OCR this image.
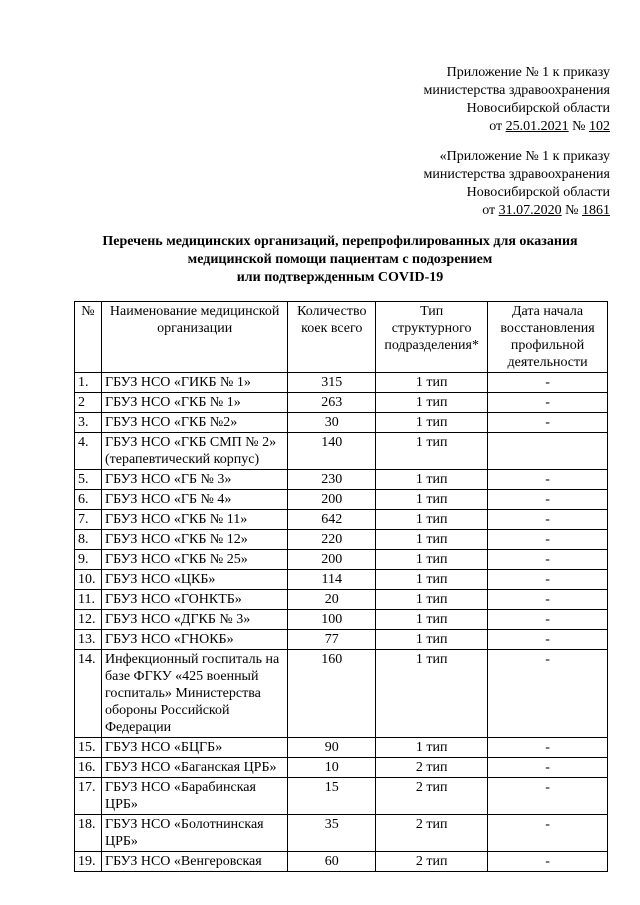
Приложение № 1 к приказу
министерства здравоохранения
Новосибирской области
от 25.01.2021 № 102
«Приложение № 1 к приказу
министерства здравоохранения
Новосибирской области
от 31.07.2020 № 1861
Перечень медицинских организаций, перепрофилированных для оказания
медицинской помощи пациентам с подозрением
или подтвержденным COVID-19
№	Наименование медицинской организации	Количество коек всего	Тип структурного подразделения*	Дата начала восстановления профильной деятельности
1.	ГБУЗ НСО «ГИКБ № 1»	315	1 тип	-
2	ГБУЗ НСО «ГКБ № 1»	263	1 тип	-
3.	ГБУЗ НСО «ГКБ №2»	30	1 тип	-
4.	ГБУЗ НСО «ГКБ СМП № 2» (терапевтический корпус)	140	1 тип	
5.	ГБУЗ НСО «ГБ № 3»	230	1 тип	-
6.	ГБУЗ НСО «ГБ № 4»	200	1 тип	-
7.	ГБУЗ НСО «ГКБ № 11»	642	1 тип	-
8.	ГБУЗ НСО «ГКБ № 12»	220	1 тип	-
9.	ГБУЗ НСО «ГКБ № 25»	200	1 тип	-
10.	ГБУЗ НСО «ЦКБ»	114	1 тип	-
11.	ГБУЗ НСО «ГОНКТБ»	20	1 тип	-
12.	ГБУЗ НСО «ДГКБ № 3»	100	1 тип	-
13.	ГБУЗ НСО «ГНОКБ»	77	1 тип	-
14.	Инфекционный госпиталь на базе ФГКУ «425 военный госпиталь» Министерства обороны Российской Федерации	160	1 тип	-
15.	ГБУЗ НСО «БЦГБ»	90	1 тип	-
16.	ГБУЗ НСО «Баганская ЦРБ»	10	2 тип	-
17.	ГБУЗ НСО «Барабинская ЦРБ»	15	2 тип	-
18.	ГБУЗ НСО «Болотнинская ЦРБ»	35	2 тип	-
19.	ГБУЗ НСО «Венгеровская	60	2 тип	-
